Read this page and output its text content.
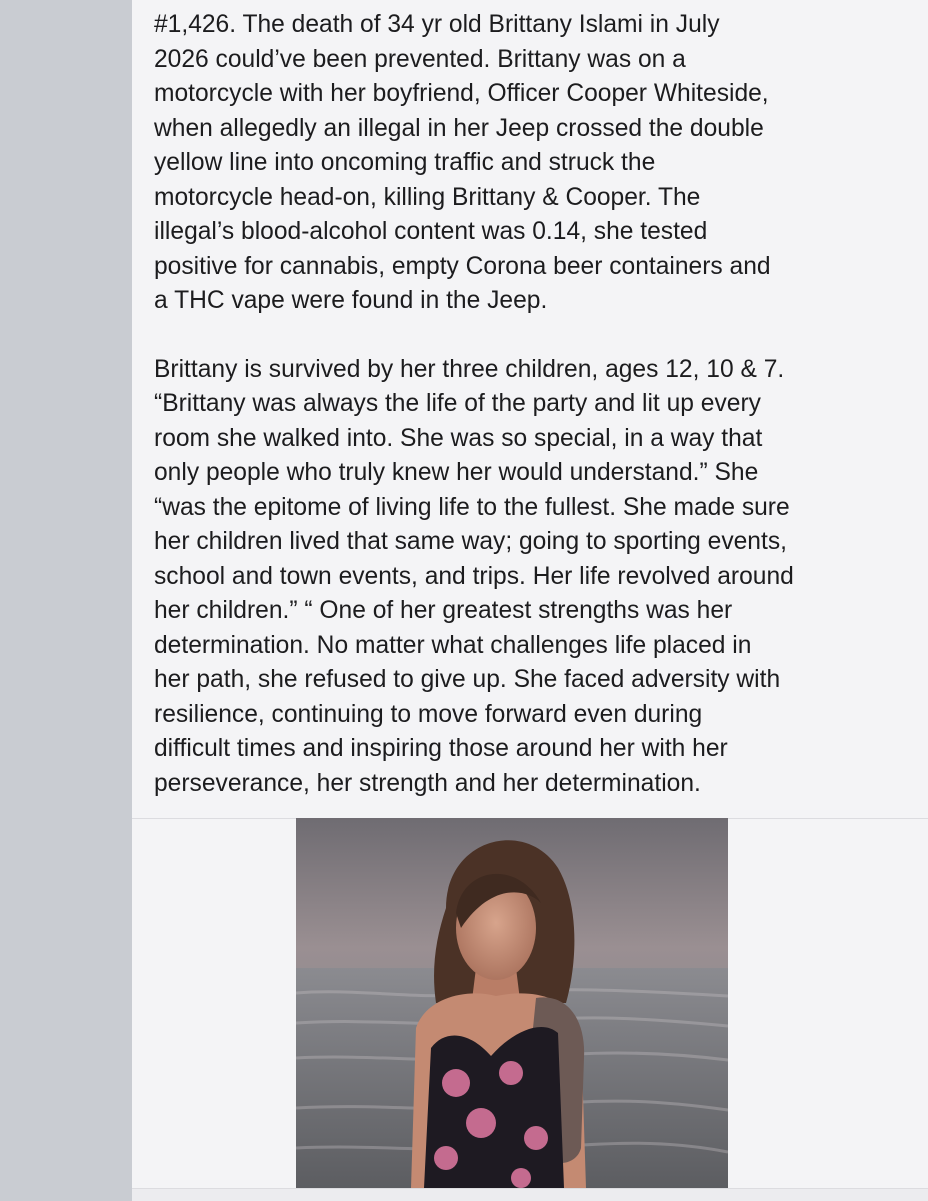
#1,426. The death of 34 yr old Brittany Islami in July

2026 could’ve been prevented. Brittany was on a

motorcycle with her boyfriend, Officer Cooper Whiteside,

when allegedly an illegal in her Jeep crossed the double

yellow line into oncoming traffic and struck the

motorcycle head-on, killing Brittany & Cooper. The

illegal’s blood-alcohol content was 0.14, she tested

positive for cannabis, empty Corona beer containers and

a THC vape were found in the Jeep.

Brittany is survived by her three children, ages 12, 10 & 7.

“Brittany was always the life of the party and lit up every

room she walked into. She was so special, in a way that

only people who truly knew her would understand.” She

“was the epitome of living life to the fullest. She made sure

her children lived that same way; going to sporting events,

school and town events, and trips. Her life revolved around

her children.” “ One of her greatest strengths was her

determination. No matter what challenges life placed in

her path, she refused to give up. She faced adversity with

resilience, continuing to move forward even during

difficult times and inspiring those around her with her

perseverance, her strength and her determination.
